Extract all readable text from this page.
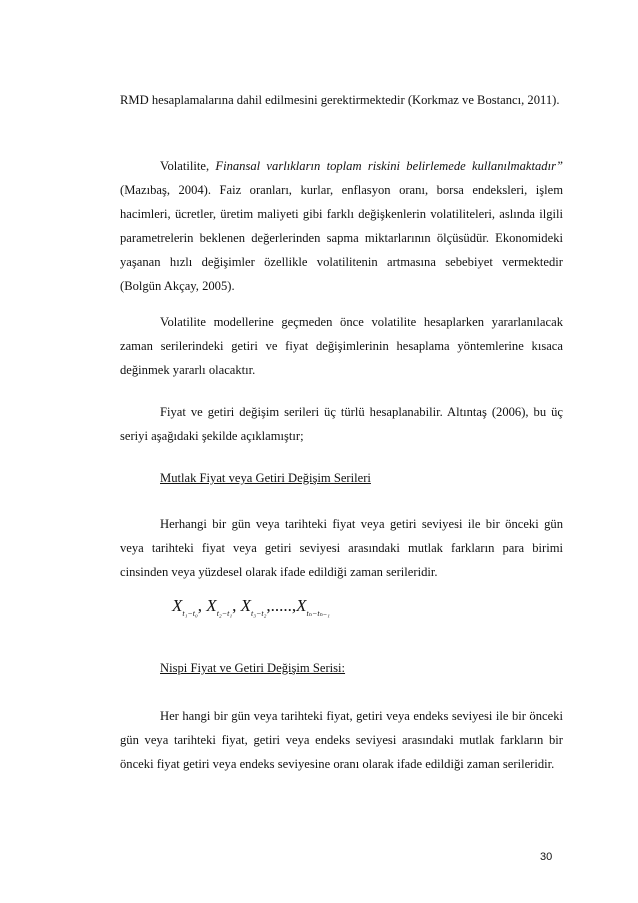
RMD hesaplamalarına dahil edilmesini gerektirmektedir (Korkmaz ve Bostancı, 2011).

Volatilite, Finansal varlıkların toplam riskini belirlemede kullanılmaktadır” (Mazıbaş, 2004). Faiz oranları, kurlar, enflasyon oranı, borsa endeksleri, işlem hacimleri, ücretler, üretim maliyeti gibi farklı değişkenlerin volatiliteleri, aslında ilgili parametrelerin beklenen değerlerinden sapma miktarlarının ölçüsüdür. Ekonomideki yaşanan hızlı değişimler özellikle volatilitenin artmasına sebebiyet vermektedir (Bolgün Akçay, 2005).

Volatilite modellerine geçmeden önce volatilite hesaplarken yararlanılacak zaman serilerindeki getiri ve fiyat değişimlerinin hesaplama yöntemlerine kısaca değinmek yararlı olacaktır.

Fiyat ve getiri değişim serileri üç türlü hesaplanabilir. Altıntaş (2006), bu üç seriyi aşağıdaki şekilde açıklamıştır;

Mutlak Fiyat veya Getiri Değişim Serileri

Herhangi bir gün veya tarihteki fiyat veya getiri seviyesi ile bir önceki gün veya tarihteki fiyat veya getiri seviyesi arasındaki mutlak farkların para birimi cinsinden veya yüzdesel olarak ifade edildiği zaman serileridir.

$X_{t_1-t_0}$, $X_{t_2-t_1}$, $X_{t_3-t_2},.....,X_{t_n-t_{n-1}}$

Nispi Fiyat ve Getiri Değişim Serisi:

Her hangi bir gün veya tarihteki fiyat, getiri veya endeks seviyesi ile bir önceki gün veya tarihteki fiyat, getiri veya endeks seviyesi arasındaki mutlak farkların bir önceki fiyat getiri veya endeks seviyesine oranı olarak ifade edildiği zaman serileridir.

30
